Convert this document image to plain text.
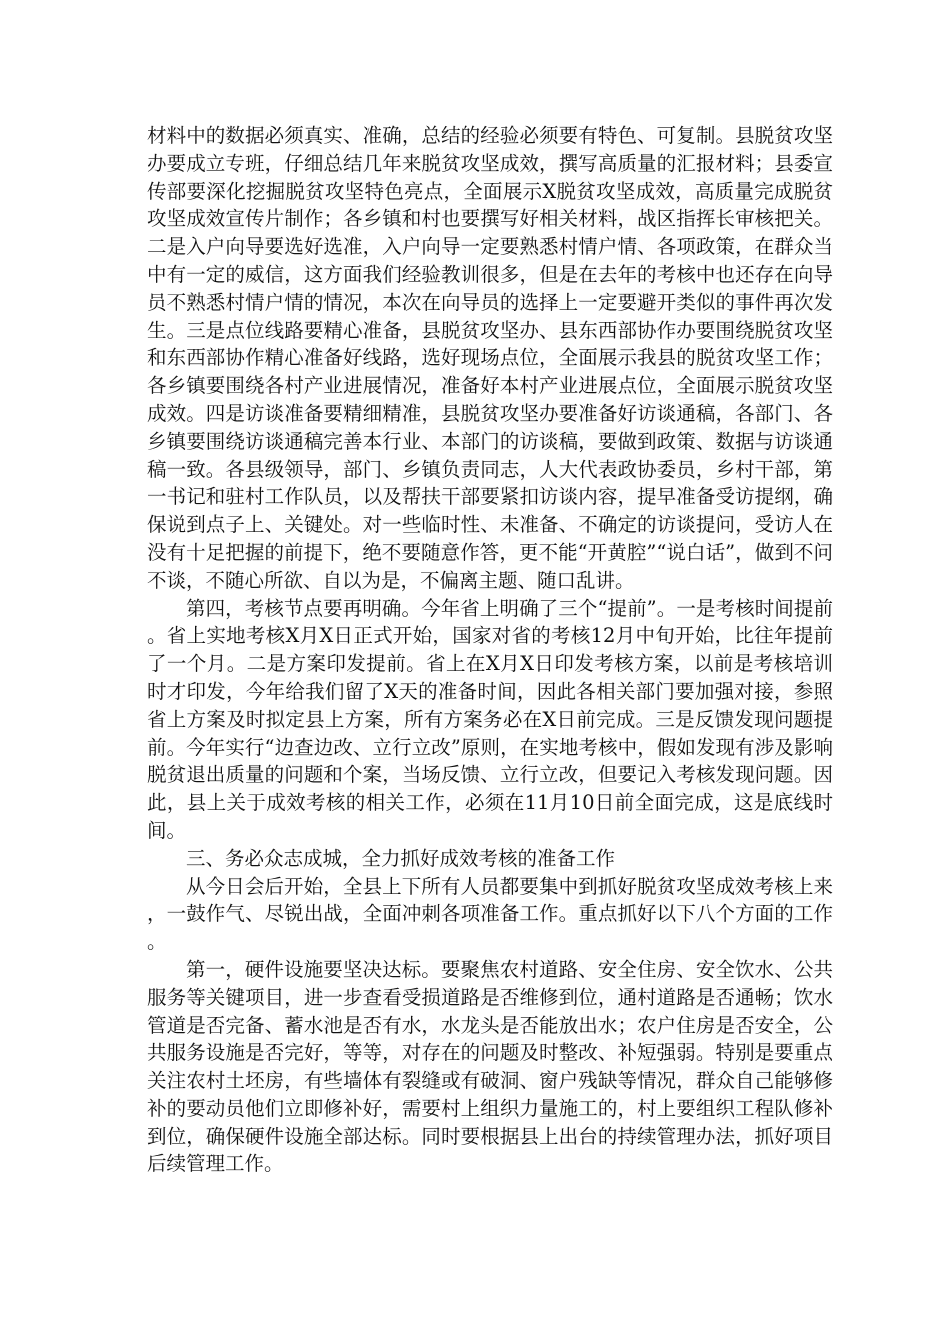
材料中的数据必须真实、准确，总结的经验必须要有特色、可复制。县脱贫攻坚办要成立专班，仔细总结几年来脱贫攻坚成效，撰写高质量的汇报材料；县委宣传部要深化挖掘脱贫攻坚特色亮点，全面展示X脱贫攻坚成效，高质量完成脱贫攻坚成效宣传片制作；各乡镇和村也要撰写好相关材料，战区指挥长审核把关。二是入户向导要选好选准，入户向导一定要熟悉村情户情、各项政策，在群众当中有一定的威信，这方面我们经验教训很多，但是在去年的考核中也还存在向导员不熟悉村情户情的情况，本次在向导员的选择上一定要避开类似的事件再次发生。三是点位线路要精心准备，县脱贫攻坚办、县东西部协作办要围绕脱贫攻坚和东西部协作精心准备好线路，选好现场点位，全面展示我县的脱贫攻坚工作；各乡镇要围绕各村产业进展情况，准备好本村产业进展点位，全面展示脱贫攻坚成效。四是访谈准备要精细精准，县脱贫攻坚办要准备好访谈通稿，各部门、各乡镇要围绕访谈通稿完善本行业、本部门的访谈稿，要做到政策、数据与访谈通稿一致。各县级领导，部门、乡镇负责同志，人大代表政协委员，乡村干部，第一书记和驻村工作队员，以及帮扶干部要紧扣访谈内容，提早准备受访提纲，确保说到点子上、关键处。对一些临时性、未准备、不确定的访谈提问，受访人在没有十足把握的前提下，绝不要随意作答，更不能“开黄腔”“说白话”，做到不问不谈，不随心所欲、自以为是，不偏离主题、随口乱讲。

第四，考核节点要再明确。今年省上明确了三个“提前”。一是考核时间提前。省上实地考核X月X日正式开始，国家对省的考核12月中旬开始，比往年提前了一个月。二是方案印发提前。省上在X月X日印发考核方案，以前是考核培训时才印发，今年给我们留了X天的准备时间，因此各相关部门要加强对接，参照省上方案及时拟定县上方案，所有方案务必在X日前完成。三是反馈发现问题提前。今年实行“边查边改、立行立改”原则，在实地考核中，假如发现有涉及影响脱贫退出质量的问题和个案，当场反馈、立行立改，但要记入考核发现问题。因此，县上关于成效考核的相关工作，必须在11月10日前全面完成，这是底线时间。

三、务必众志成城，全力抓好成效考核的准备工作

从今日会后开始，全县上下所有人员都要集中到抓好脱贫攻坚成效考核上来，一鼓作气、尽锐出战，全面冲刺各项准备工作。重点抓好以下八个方面的工作。

第一，硬件设施要坚决达标。要聚焦农村道路、安全住房、安全饮水、公共服务等关键项目，进一步查看受损道路是否维修到位，通村道路是否通畅；饮水管道是否完备、蓄水池是否有水，水龙头是否能放出水；农户住房是否安全，公共服务设施是否完好，等等，对存在的问题及时整改、补短强弱。特别是要重点关注农村土坯房，有些墙体有裂缝或有破洞、窗户残缺等情况，群众自己能够修补的要动员他们立即修补好，需要村上组织力量施工的，村上要组织工程队修补到位，确保硬件设施全部达标。同时要根据县上出台的持续管理办法，抓好项目后续管理工作。
